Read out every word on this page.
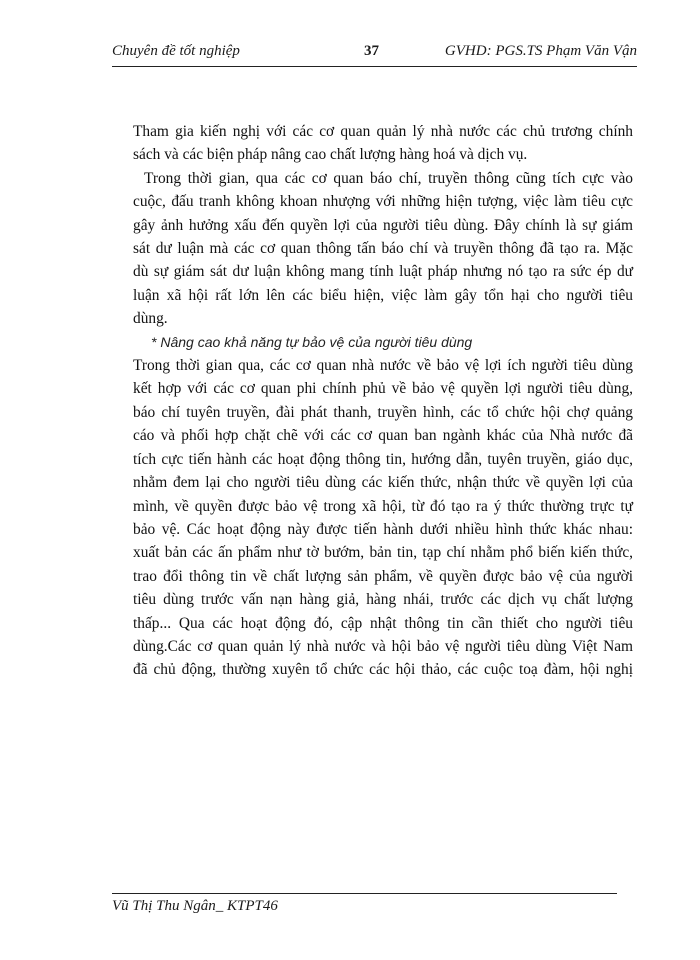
Chuyên đề tốt nghiệp	37	GVHD: PGS.TS Phạm Văn Vận
Tham gia kiến nghị với các cơ quan quản lý nhà nước các chủ trương chính
sách và các biện pháp nâng cao chất lượng hàng hoá và dịch vụ.
Trong thời gian, qua các cơ quan báo chí, truyền thông cũng tích cực vào
cuộc, đấu tranh không khoan nhượng với những hiện tượng, việc làm tiêu cực
gây ảnh hưởng xấu đến quyền lợi của người tiêu dùng. Đây chính là sự giám
sát dư luận mà các cơ quan thông tấn báo chí và truyền thông đã tạo ra. Mặc
dù sự giám sát dư luận không mang tính luật pháp nhưng nó tạo ra sức ép dư
luận xã hội rất lớn lên các biểu hiện, việc làm gây tổn hại cho người tiêu
dùng.
* Nâng cao khả năng tự bảo vệ của người tiêu dùng
Trong thời gian qua, các cơ quan nhà nước về bảo vệ lợi ích người tiêu dùng
kết hợp với các cơ quan phi chính phủ về bảo vệ quyền lợi người tiêu dùng,
báo chí tuyên truyền, đài phát thanh, truyền hình, các tổ chức hội chợ quảng
cáo và phối hợp chặt chẽ với các cơ quan ban ngành khác của Nhà nước đã
tích cực tiến hành các hoạt động thông tin, hướng dẫn, tuyên truyền, giáo dục,
nhằm đem lại cho người tiêu dùng các kiến thức, nhận thức về quyền lợi của
mình, về quyền được bảo vệ trong xã hội, từ đó tạo ra ý thức thường trực tự
bảo vệ. Các hoạt động này được tiến hành dưới nhiều hình thức khác nhau:
xuất bản các ấn phẩm như tờ bướm, bản tin, tạp chí nhằm phổ biến kiến thức,
trao đổi thông tin về chất lượng sản phẩm, về quyền được bảo vệ của người
tiêu dùng trước vấn nạn hàng giả, hàng nhái, trước các dịch vụ chất lượng
thấp... Qua các hoạt động đó, cập nhật thông tin cần thiết cho người tiêu
dùng.Các cơ quan quản lý nhà nước và hội bảo vệ người tiêu dùng Việt Nam
đã chủ động, thường xuyên tổ chức các hội thảo, các cuộc toạ đàm, hội nghị
Vũ Thị Thu Ngân_ KTPT46
